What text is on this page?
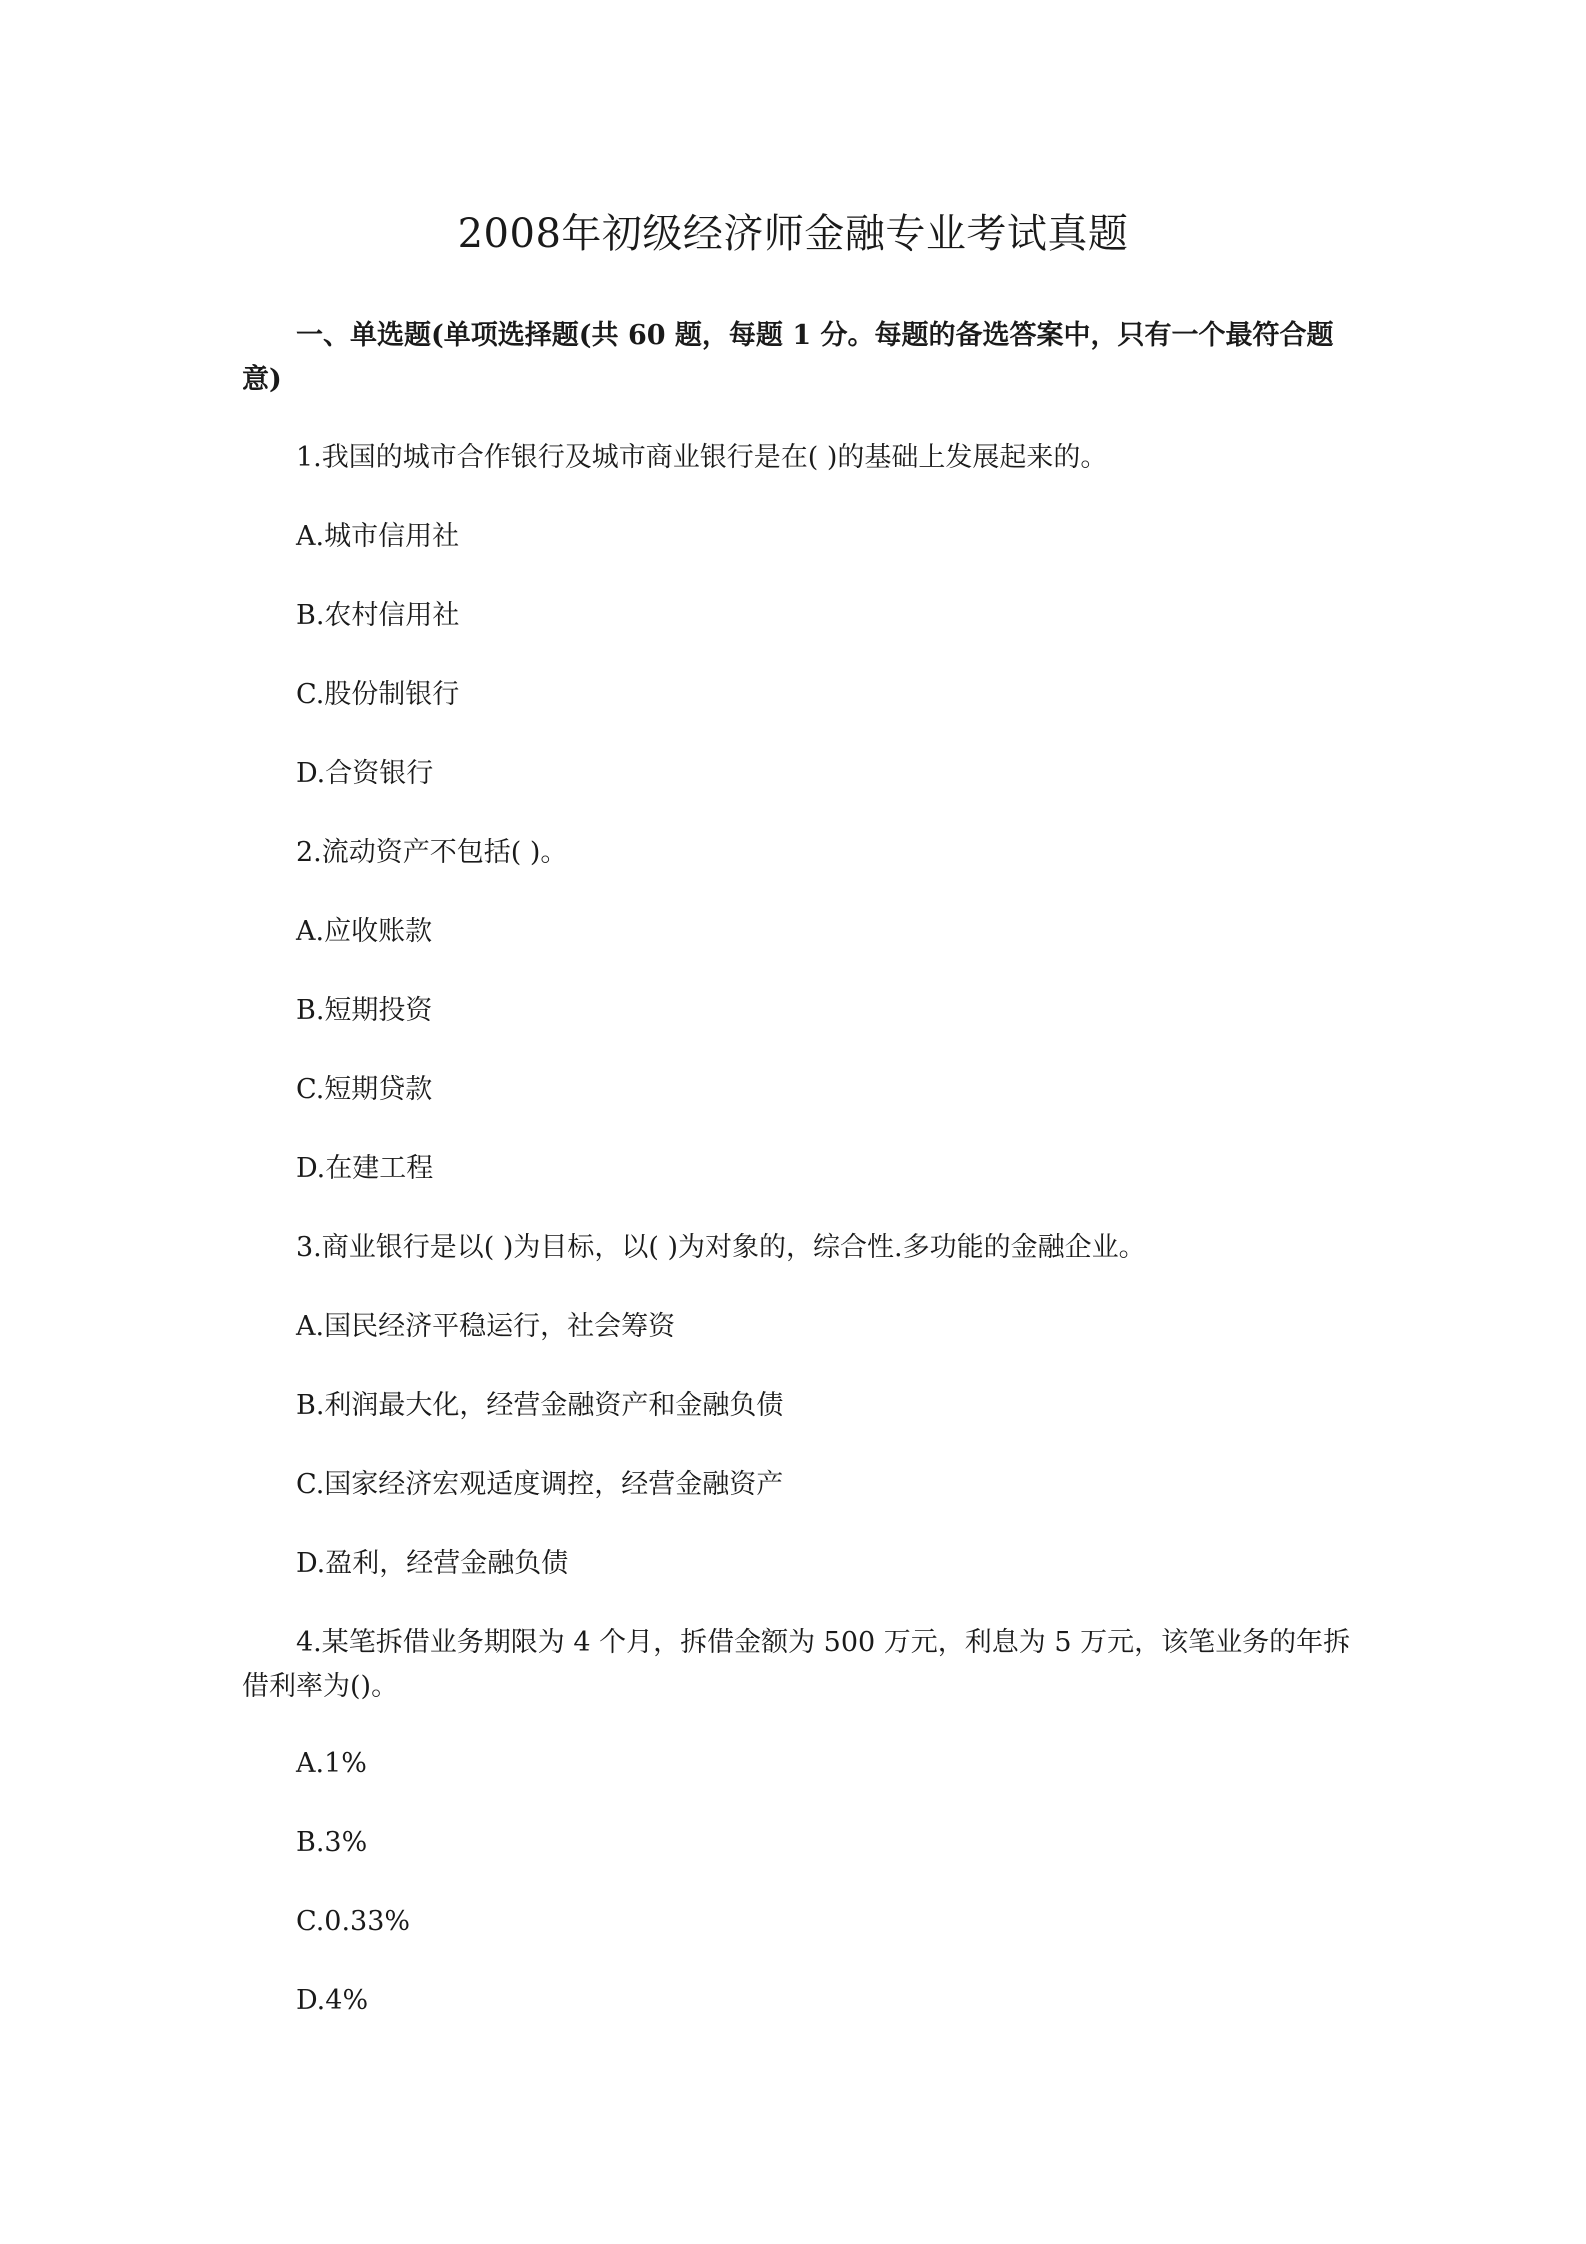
2008年初级经济师金融专业考试真题
一、单选题(单项选择题(共 60 题，每题 1 分。每题的备选答案中，只有一个最符合题意)
1.我国的城市合作银行及城市商业银行是在( )的基础上发展起来的。
A.城市信用社
B.农村信用社
C.股份制银行
D.合资银行
2.流动资产不包括( )。
A.应收账款
B.短期投资
C.短期贷款
D.在建工程
3.商业银行是以( )为目标，以( )为对象的，综合性.多功能的金融企业。
A.国民经济平稳运行，社会筹资
B.利润最大化，经营金融资产和金融负债
C.国家经济宏观适度调控，经营金融资产
D.盈利，经营金融负债
4.某笔拆借业务期限为 4 个月，拆借金额为 500 万元，利息为 5 万元，该笔业务的年拆借利率为()。
A.1%
B.3%
C.0.33%
D.4%
